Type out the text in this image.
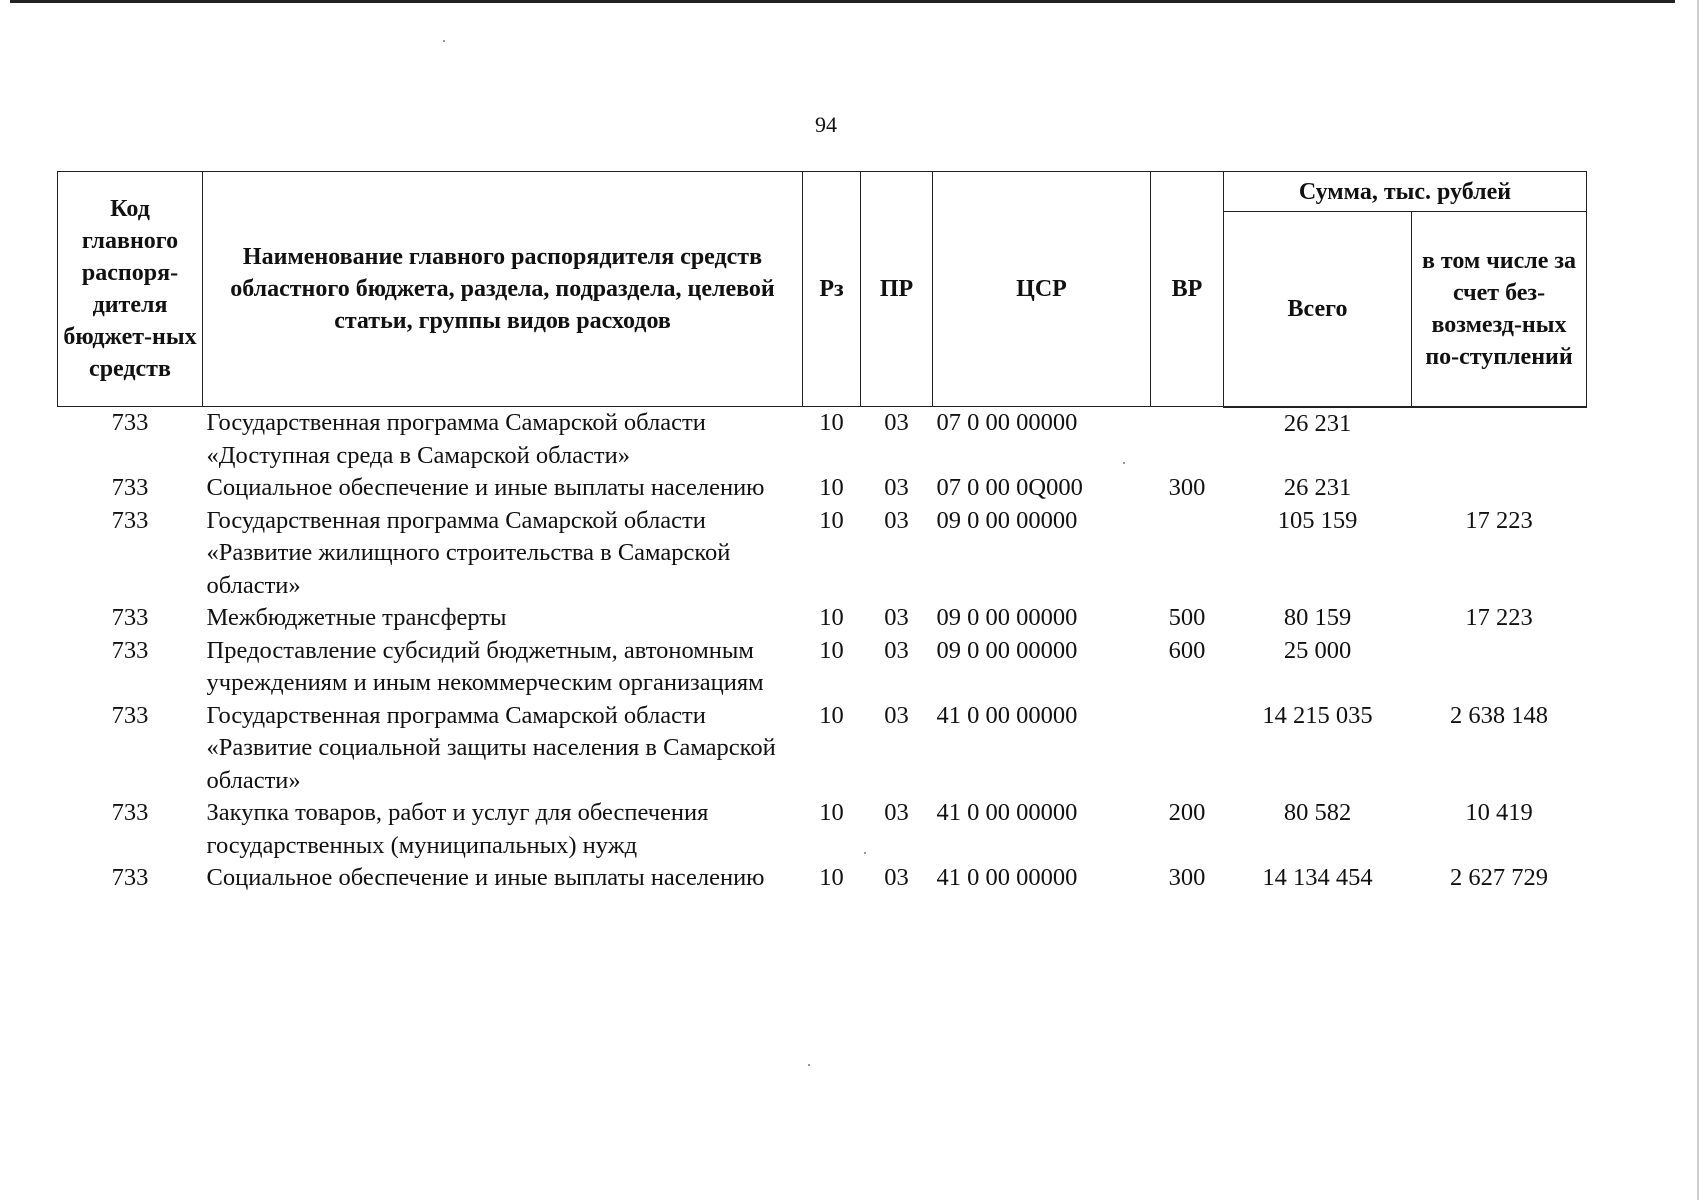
94
Код главного распоря-дителя бюджет-ных средств	Наименование главного распорядителя средств областного бюджета, раздела, подраздела, целевой статьи, группы видов расходов	Рз	ПР	ЦСР	ВР	Сумма, тыс. рублей	
						Всего	в том числе за счет без-возмезд-ных по-ступлений
733	Государственная программа Самарской области «Доступная среда в Самарской области»	10	03	07 0 00 00000		26 231	
733	Социальное обеспечение и иные выплаты населению	10	03	07 0 00 0Q000	300	26 231	
733	Государственная программа Самарской области «Развитие жилищного строительства в Самарской области»	10	03	09 0 00 00000		105 159	17 223
733	Межбюджетные трансферты	10	03	09 0 00 00000	500	80 159	17 223
733	Предоставление субсидий бюджетным, автономным учреждениям и иным некоммерческим организациям	10	03	09 0 00 00000	600	25 000	
733	Государственная программа Самарской области «Развитие социальной защиты населения в Самарской области»	10	03	41 0 00 00000		14 215 035	2 638 148
733	Закупка товаров, работ и услуг для обеспечения государственных (муниципальных) нужд	10	03	41 0 00 00000	200	80 582	10 419
733	Социальное обеспечение и иные выплаты населению	10	03	41 0 00 00000	300	14 134 454	2 627 729
